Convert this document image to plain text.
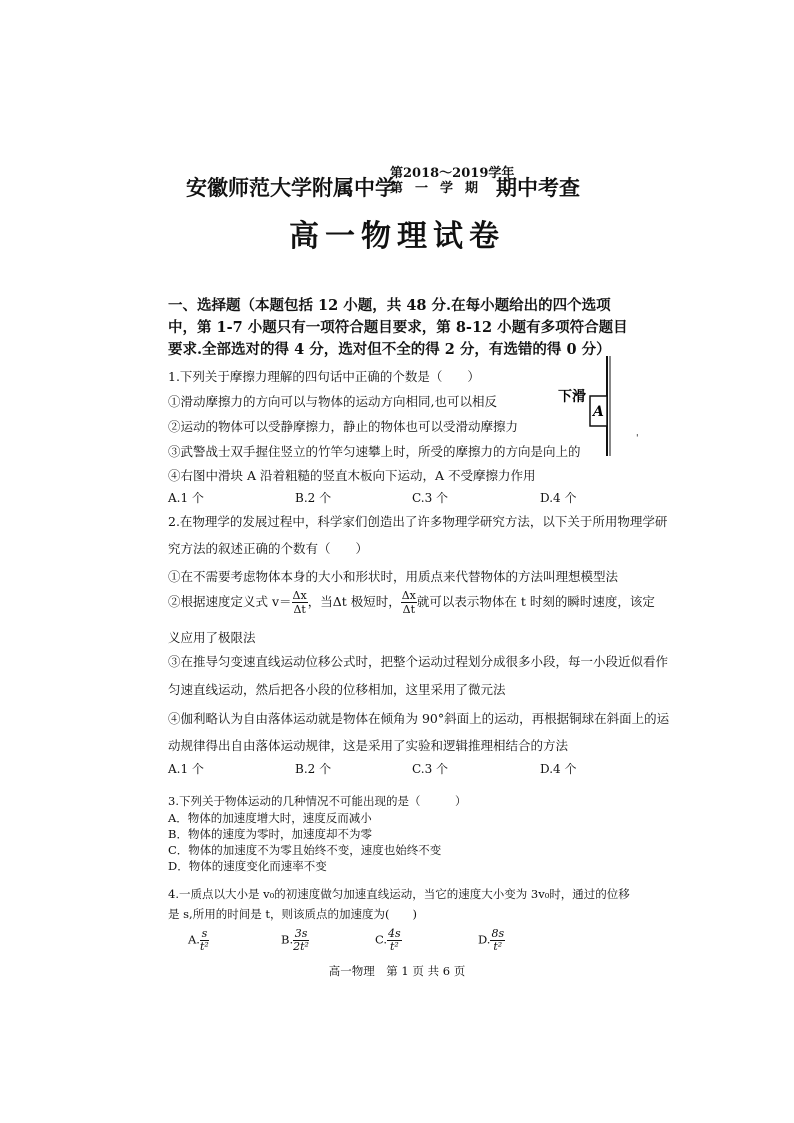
安徽师范大学附属中学
第2018～2019学年
第一学期 期中考查
高一物理试卷
一、选择题（本题包括 12 小题，共 48 分.在每小题给出的四个选项中，第 1-7 小题只有一项符合题目要求，第 8-12 小题有多项符合题目要求.全部选对的得 4 分，选对但不全的得 2 分，有选错的得 0 分）
1.下列关于摩擦力理解的四句话中正确的个数是（　　）
①滑动摩擦力的方向可以与物体的运动方向相同,也可以相反
②运动的物体可以受静摩擦力，静止的物体也可以受滑动摩擦力
③武警战士双手握住竖立的竹竿匀速攀上时，所受的摩擦力的方向是向上的
④右图中滑块 A 沿着粗糙的竖直木板向下运动，A 不受摩擦力作用
A.1 个	B.2 个	C.3 个	D.4 个
下滑
A
'
2.在物理学的发展过程中，科学家们创造出了许多物理学研究方法，以下关于所用物理学研
究方法的叙述正确的个数有（　　）
①在不需要考虑物体本身的大小和形状时，用质点来代替物体的方法叫理想模型法
②根据速度定义式 $v= \frac{\Delta x}{\Delta t}$ ，当Δt 极短时， $\frac{\Delta x}{\Delta t}$ 就可以表示物体在 t 时刻的瞬时速度，该定
义应用了极限法
③在推导匀变速直线运动位移公式时，把整个运动过程划分成很多小段，每一小段近似看作
匀速直线运动，然后把各小段的位移相加，这里采用了微元法
④伽利略认为自由落体运动就是物体在倾角为 90°斜面上的运动，再根据铜球在斜面上的运
动规律得出自由落体运动规律，这是采用了实验和逻辑推理相结合的方法
A.1 个	B.2 个	C.3 个	D.4 个
3.下列关于物体运动的几种情况不可能出现的是（　　　）
A．物体的加速度增大时，速度反而减小
B．物体的速度为零时，加速度却不为零
C．物体的加速度不为零且始终不变，速度也始终不变
D．物体的速度变化而速率不变
4.一质点以大小是 v₀的初速度做匀加速直线运动，当它的速度大小变为 3v₀时，通过的位移
是 s,所用的时间是 t，则该质点的加速度为(　　)
A. $\frac{s}{\text{t²}}$	B. $\frac{3s}{\text{2t²}}$	C. $\frac{4s}{\text{t²}}$	D. $\frac{8s}{\text{t²}}$
高一物理　第 1 页 共 6 页
